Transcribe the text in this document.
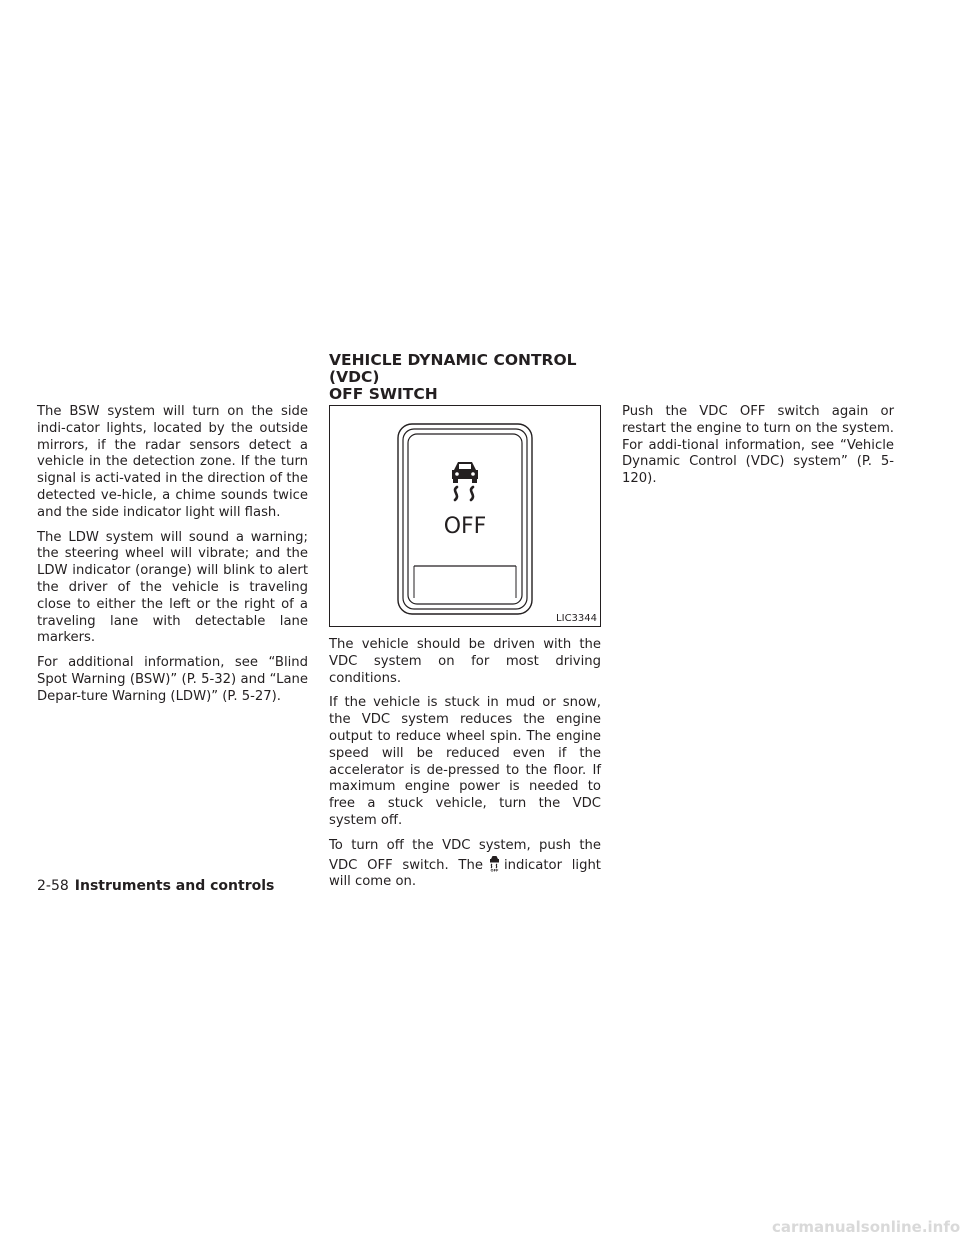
VEHICLE DYNAMIC CONTROL (VDC)
OFF SWITCH

The BSW system will turn on the side indi-cator lights, located by the outside mirrors, if the radar sensors detect a vehicle in the detection zone. If the turn signal is acti-vated in the direction of the detected ve-hicle, a chime sounds twice and the side indicator light will flash.

The LDW system will sound a warning; the steering wheel will vibrate; and the LDW indicator (orange) will blink to alert the driver of the vehicle is traveling close to either the left or the right of a traveling lane with detectable lane markers.

For additional information, see “Blind Spot Warning (BSW)” (P. 5-32) and “Lane Depar-ture Warning (LDW)” (P. 5-27).

OFF
LIC3344

The vehicle should be driven with the VDC system on for most driving conditions.

If the vehicle is stuck in mud or snow, the VDC system reduces the engine output to reduce wheel spin. The engine speed will be reduced even if the accelerator is de-pressed to the floor. If maximum engine power is needed to free a stuck vehicle, turn the VDC system off.

To turn off the VDC system, push the VDC OFF switch. The OFF indicator light will come on.

Push the VDC OFF switch again or restart the engine to turn on the system. For addi-tional information, see “Vehicle Dynamic Control (VDC) system” (P. 5-120).

2-58 Instruments and controls
carmanualsonline.info
